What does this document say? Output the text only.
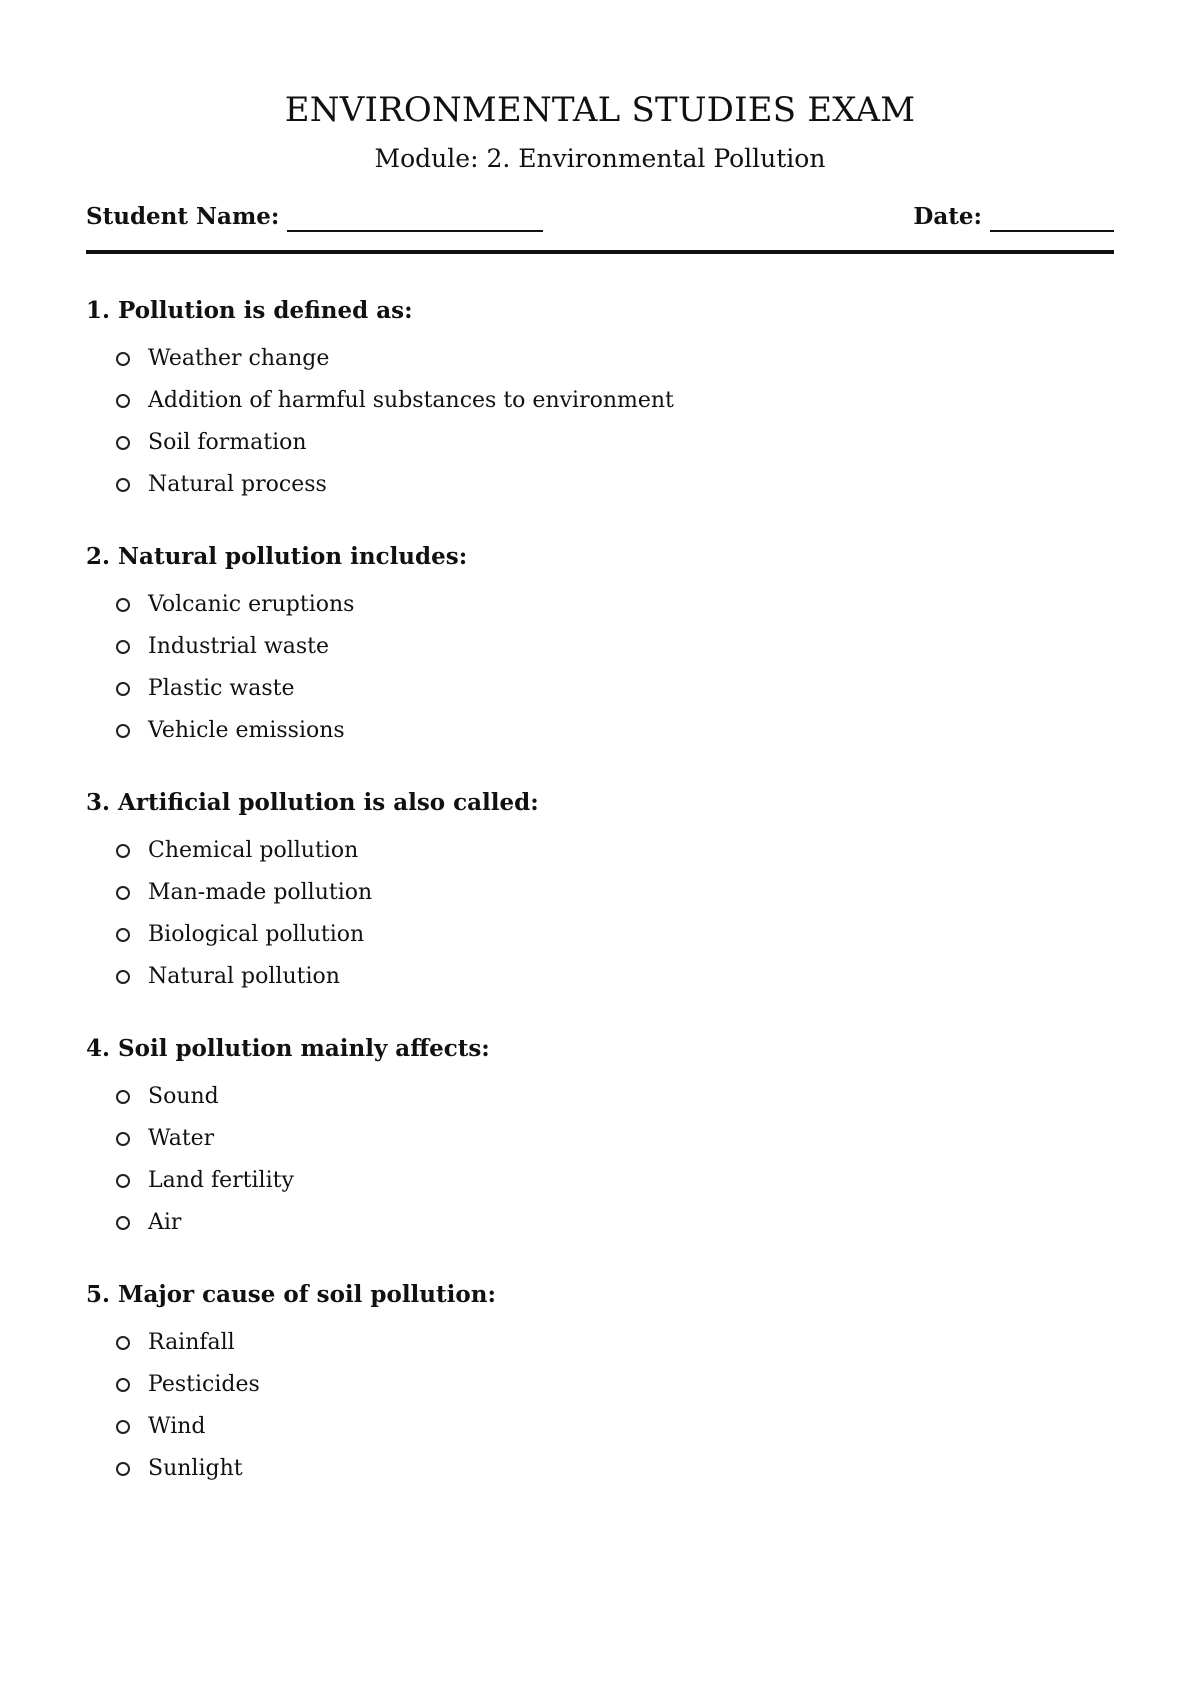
ENVIRONMENTAL STUDIES EXAM
Module: 2. Environmental Pollution
Student Name:	Date:

1. Pollution is defined as:

Weather change
Addition of harmful substances to environment
Soil formation
Natural process

2. Natural pollution includes:

Volcanic eruptions
Industrial waste
Plastic waste
Vehicle emissions

3. Artificial pollution is also called:

Chemical pollution
Man-made pollution
Biological pollution
Natural pollution

4. Soil pollution mainly affects:

Sound
Water
Land fertility
Air

5. Major cause of soil pollution:

Rainfall
Pesticides
Wind
Sunlight
